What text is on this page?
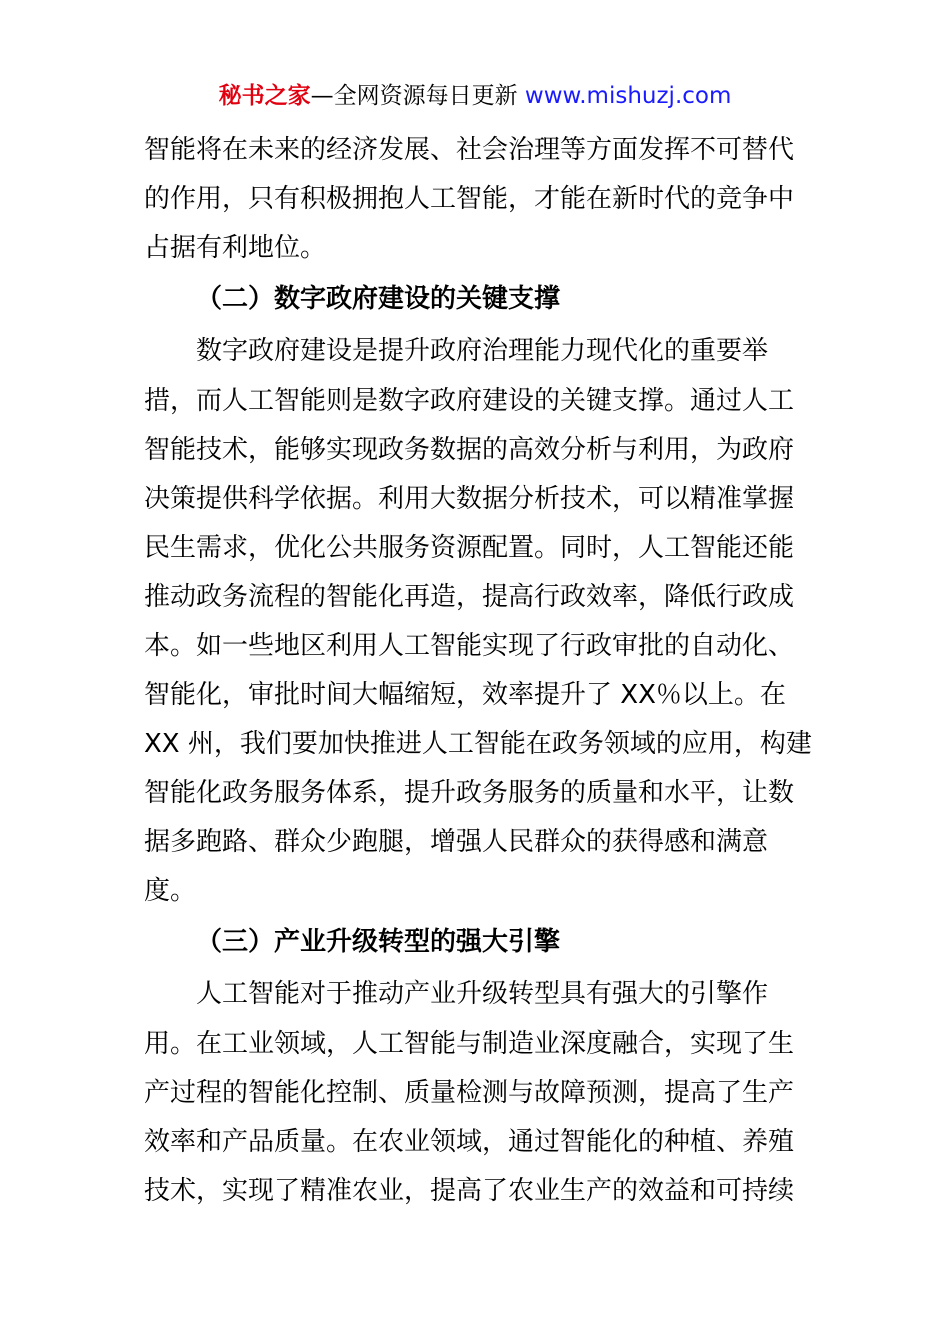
秘书之家—全网资源每日更新 www.mishuzj.com
智能将在未来的经济发展、社会治理等方面发挥不可替代
的作用，只有积极拥抱人工智能，才能在新时代的竞争中
占据有利地位。
（二）数字政府建设的关键支撑
数字政府建设是提升政府治理能力现代化的重要举
措，而人工智能则是数字政府建设的关键支撑。通过人工
智能技术，能够实现政务数据的高效分析与利用，为政府
决策提供科学依据。利用大数据分析技术，可以精准掌握
民生需求，优化公共服务资源配置。同时，人工智能还能
推动政务流程的智能化再造，提高行政效率，降低行政成
本。如一些地区利用人工智能实现了行政审批的自动化、
智能化，审批时间大幅缩短，效率提升了 XX％以上。在
XX 州，我们要加快推进人工智能在政务领域的应用，构建
智能化政务服务体系，提升政务服务的质量和水平，让数
据多跑路、群众少跑腿，增强人民群众的获得感和满意
度。
（三）产业升级转型的强大引擎
人工智能对于推动产业升级转型具有强大的引擎作
用。在工业领域，人工智能与制造业深度融合，实现了生
产过程的智能化控制、质量检测与故障预测，提高了生产
效率和产品质量。在农业领域，通过智能化的种植、养殖
技术，实现了精准农业，提高了农业生产的效益和可持续
